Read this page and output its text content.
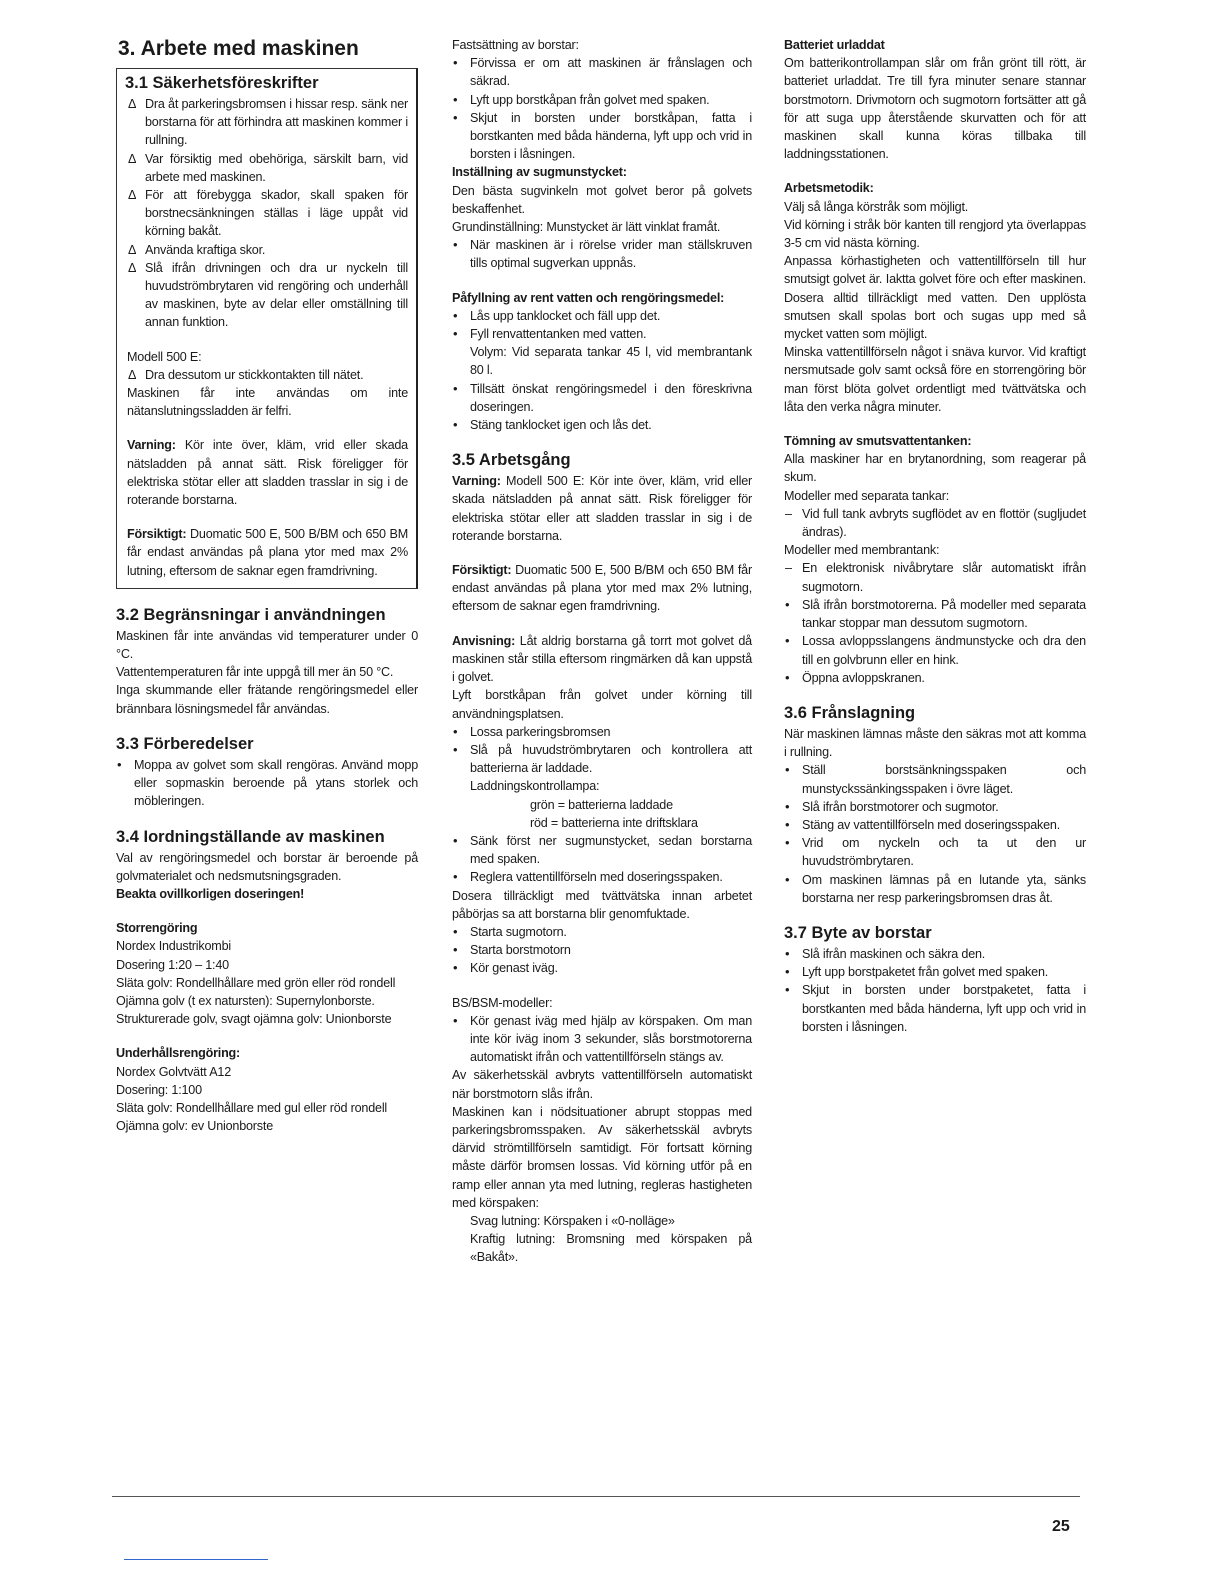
3. Arbete med maskinen
3.1 Säkerhetsföreskrifter
Δ Dra åt parkeringsbromsen i hissar resp. sänk ner borstarna för att förhindra att maskinen kommer i rullning.
Δ Var försiktig med obehöriga, särskilt barn, vid arbete med maskinen.
Δ För att förebygga skador, skall spaken för borstnecsänkningen ställas i läge uppåt vid körning bakåt.
Δ Använda kraftiga skor.
Δ Slå ifrån drivningen och dra ur nyckeln till huvudströmbrytaren vid rengöring och underhåll av maskinen, byte av delar eller omställning till annan funktion.

Modell 500 E:

Δ Dra dessutom ur stickkontakten till nätet.

Maskinen får inte användas om inte nätanslutningssladden är felfri.

Varning: Kör inte över, kläm, vrid eller skada nätsladden på annat sätt. Risk föreligger för elektriska stötar eller att sladden trasslar in sig i de roterande borstarna.

Försiktigt: Duomatic 500 E, 500 B/BM och 650 BM får endast användas på plana ytor med max 2% lutning, eftersom de saknar egen framdrivning.

3.2 Begränsningar i användningen

Maskinen får inte användas vid temperaturer under 0 °C.

Vattentemperaturen får inte uppgå till mer än 50 °C.

Inga skummande eller frätande rengöringsmedel eller brännbara lösningsmedel får användas.

3.3 Förberedelser
•
Moppa av golvet som skall rengöras. Använd mopp eller sopmaskin beroende på ytans storlek och möbleringen.
3.4 Iordningställande av maskinen

Val av rengöringsmedel och borstar är beroende på golvmaterialet och nedsmutsningsgraden.

Beakta ovillkorligen doseringen!

Storrengöring

Nordex Industrikombi

Dosering 1:20 – 1:40

Släta golv: Rondellhållare med grön eller röd rondell

Ojämna golv (t ex natursten): Supernylonborste.

Strukturerade golv, svagt ojämna golv: Unionborste

Underhållsrengöring:

Nordex Golvtvätt A12

Dosering: 1:100

Släta golv: Rondellhållare med gul eller röd rondell

Ojämna golv: ev Unionborste

Fastsättning av borstar:

•
Förvissa er om att maskinen är frånslagen och säkrad.
•
Lyft upp borstkåpan från golvet med spaken.
•
Skjut in borsten under borstkåpan, fatta i borstkanten med båda händerna, lyft upp och vrid in borsten i låsningen.

Inställning av sugmunstycket:

Den bästa sugvinkeln mot golvet beror på golvets beskaffenhet.

Grundinställning: Munstycket är lätt vinklat framåt.

•
När maskinen är i rörelse vrider man ställskruven tills optimal sugverkan uppnås.

Påfyllning av rent vatten och rengöringsmedel:

•
Lås upp tanklocket och fäll upp det.
•
Fyll renvattentanken med vatten.
Volym: Vid separata tankar 45 l, vid membrantank 80 l.
•
Tillsätt önskat rengöringsmedel i den föreskrivna doseringen.
•
Stäng tanklocket igen och lås det.
3.5 Arbetsgång

Varning: Modell 500 E: Kör inte över, kläm, vrid eller skada nätsladden på annat sätt. Risk föreligger för elektriska stötar eller att sladden trasslar in sig i de roterande borstarna.

Försiktigt: Duomatic 500 E, 500 B/BM och 650 BM får endast användas på plana ytor med max 2% lutning, eftersom de saknar egen framdrivning.

Anvisning: Låt aldrig borstarna gå torrt mot golvet då maskinen står stilla eftersom ringmärken då kan uppstå i golvet.

Lyft borstkåpan från golvet under körning till användningsplatsen.

•
Lossa parkeringsbromsen
•
Slå på huvudströmbrytaren och kontrollera att batterierna är laddade.

Laddningskontrollampa:

grön = batterierna laddade

röd = batterierna inte driftsklara

•
Sänk först ner sugmunstycket, sedan borstarna med spaken.
•
Reglera vattentillförseln med doseringsspaken.

Dosera tillräckligt med tvättvätska innan arbetet påbörjas sa att borstarna blir genomfuktade.

•
Starta sugmotorn.
•
Starta borstmotorn
•
Kör genast iväg.

BS/BSM-modeller:

•
Kör genast iväg med hjälp av körspaken. Om man inte kör iväg inom 3 sekunder, slås borstmotorerna automatiskt ifrån och vattentillförseln stängs av.

Av säkerhetsskäl avbryts vattentillförseln automatiskt när borstmotorn slås ifrån.

Maskinen kan i nödsituationer abrupt stoppas med parkeringsbromsspaken. Av säkerhetsskäl avbryts därvid strömtillförseln samtidigt. För fortsatt körning måste därför bromsen lossas. Vid körning utför på en ramp eller annan yta med lutning, regleras hastigheten med körspaken:

Svag lutning: Körspaken i «0-nolläge»

Kraftig lutning: Bromsning med körspaken på «Bakåt».

Batteriet urladdat

Om batterikontrollampan slår om från grönt till rött, är batteriet urladdat. Tre till fyra minuter senare stannar borstmotorn. Drivmotorn och sugmotorn fortsätter att gå för att suga upp återstående skurvatten och för att maskinen skall kunna köras tillbaka till laddningsstationen.

Arbetsmetodik:

Välj så långa körstråk som möjligt.

Vid körning i stråk bör kanten till rengjord yta överlappas 3-5 cm vid nästa körning.

Anpassa körhastigheten och vattentillförseln till hur smutsigt golvet är. Iaktta golvet före och efter maskinen. Dosera alltid tillräckligt med vatten. Den upplösta smutsen skall spolas bort och sugas upp med så mycket vatten som möjligt.

Minska vattentillförseln något i snäva kurvor. Vid kraftigt nersmutsade golv samt också före en storrengöring bör man först blöta golvet ordentligt med tvättvätska och låta den verka några minuter.

Tömning av smutsvattentanken:

Alla maskiner har en brytanordning, som reagerar på skum.

Modeller med separata tankar:

– Vid full tank avbryts sugflödet av en flottör (sugljudet ändras).

Modeller med membrantank:

– En elektronisk nivåbrytare slår automatiskt ifrån sugmotorn.
•
Slå ifrån borstmotorerna. På modeller med separata tankar stoppar man dessutom sugmotorn.
•
Lossa avloppsslangens ändmunstycke och dra den till en golvbrunn eller en hink.
•
Öppna avloppskranen.
3.6 Frånslagning

När maskinen lämnas måste den säkras mot att komma i rullning.

•
Ställ borstsänkningsspaken och munstyckssänkingsspaken i övre läget.
•
Slå ifrån borstmotorer och sugmotor.
•
Stäng av vattentillförseln med doseringsspaken.
•
Vrid om nyckeln och ta ut den ur huvudströmbrytaren.
•
Om maskinen lämnas på en lutande yta, sänks borstarna ner resp parkeringsbromsen dras åt.
3.7 Byte av borstar
•
Slå ifrån maskinen och säkra den.
•
Lyft upp borstpaketet från golvet med spaken.
•
Skjut in borsten under borstpaketet, fatta i borstkanten med båda händerna, lyft upp och vrid in borsten i låsningen.
25
